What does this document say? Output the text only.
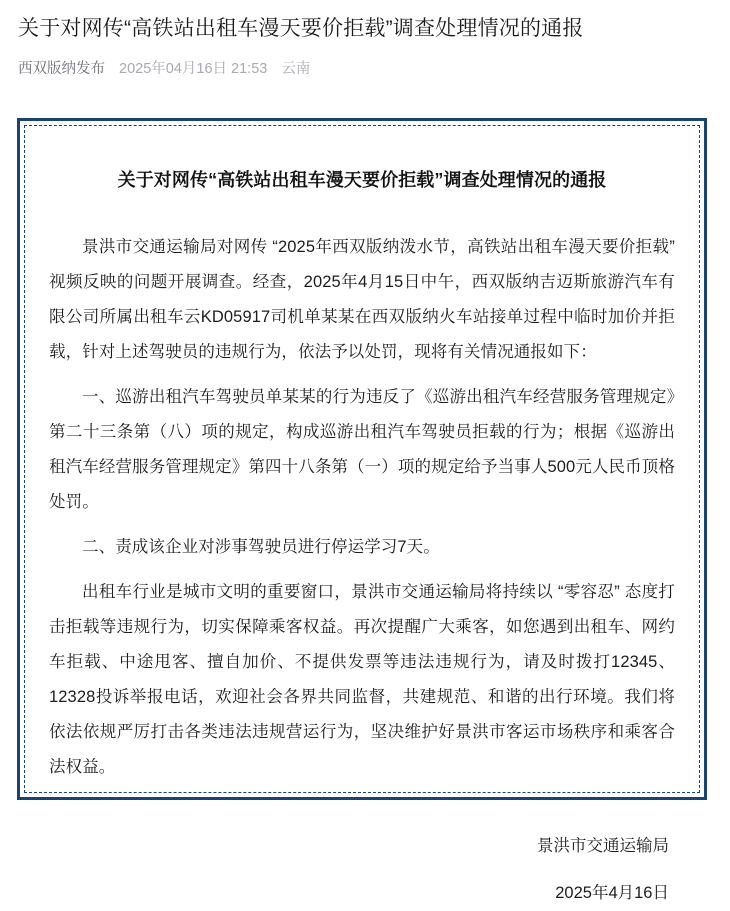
关于对网传“高铁站出租车漫天要价拒载”调查处理情况的通报
西双版纳发布 2025年04月16日 21:53 云南
关于对网传“高铁站出租车漫天要价拒载”调查处理情况的通报

景洪市交通运输局对网传 “2025年西双版纳泼水节，高铁站出租车漫天要价拒载” 视频反映的问题开展调查。经查，2025年4月15日中午，西双版纳吉迈斯旅游汽车有限公司所属出租车云KD05917司机单某某在西双版纳火车站接单过程中临时加价并拒载，针对上述驾驶员的违规行为，依法予以处罚，现将有关情况通报如下：

一、巡游出租汽车驾驶员单某某的行为违反了《巡游出租汽车经营服务管理规定》第二十三条第（八）项的规定，构成巡游出租汽车驾驶员拒载的行为；根据《巡游出租汽车经营服务管理规定》第四十八条第（一）项的规定给予当事人500元人民币顶格处罚。

二、责成该企业对涉事驾驶员进行停运学习7天。

出租车行业是城市文明的重要窗口，景洪市交通运输局将持续以 “零容忍” 态度打击拒载等违规行为，切实保障乘客权益。再次提醒广大乘客，如您遇到出租车、网约车拒载、中途甩客、擅自加价、不提供发票等违法违规行为，请及时拨打12345、12328投诉举报电话，欢迎社会各界共同监督，共建规范、和谐的出行环境。我们将依法依规严厉打击各类违法违规营运行为，坚决维护好景洪市客运市场秩序和乘客合法权益。

景洪市交通运输局
2025年4月16日
